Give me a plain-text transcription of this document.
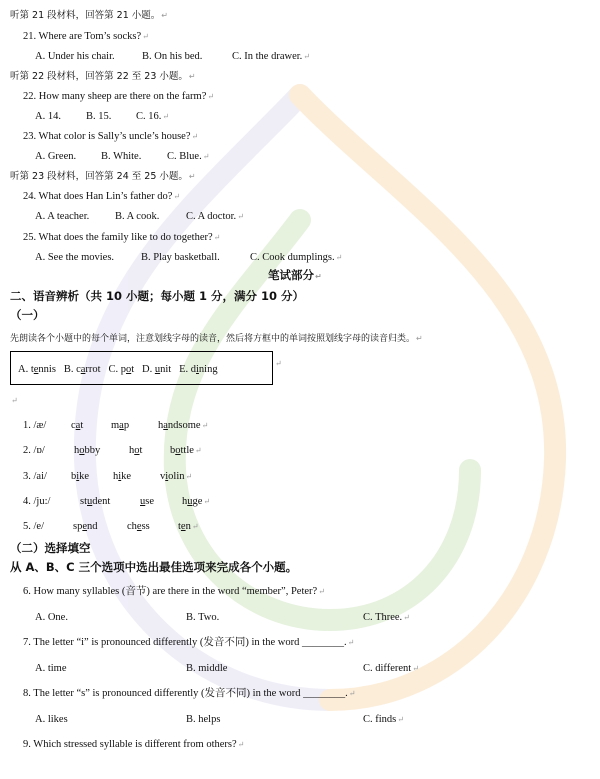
听第 21 段材料，回答第 21 小题。↵
21. Where are Tom’s socks?↵
A. Under his chair.	B. On his bed.	C. In the drawer.↵
听第 22 段材料，回答第 22 至 23 小题。↵
22. How many sheep are there on the farm?↵
A. 14. B. 15. C. 16.↵
23. What color is Sally’s uncle’s house?↵
A. Green. B. White. C. Blue.↵
听第 23 段材料，回答第 24 至 25 小题。↵
24. What does Han Lin’s father do?↵
A. A teacher. B. A cook.	C. A doctor.↵
25. What does the family like to do together?↵
A. See the movies.	B. Play basketball.	C. Cook dumplings.↵
笔试部分↵
二、语音辨析（共 10 小题；每小题 1 分，满分 10 分）
（一）
先朗读各个小题中的每个单词，注意划线字母的读音，然后将方框中的单词按照划线字母的读音归类。↵
A. tennis B. carrot C. pot D. unit E. dining
↵
↵
1. /æ/ cat	map	handsome↵
2. /ɒ/	hobby	hot	bottle↵
3. /ai/ bike hike	violin↵
4. /ju:/	student	use	huge↵
5. /e/	spend	chess	ten↵
（二）选择填空
从 A、B、C 三个选项中选出最佳选项来完成各个小题。
6. How many syllables (音节) are there in the word “member”, Peter?↵
A. One.	B. Two.	C. Three.↵
7. The letter “i” is pronounced differently (发音不同) in the word ________.↵
A. time	B. middle	C. different↵
8. The letter “s” is pronounced differently (发音不同) in the word ________.↵
A. likes	B. helps	C. finds↵
9. Which stressed syllable is different from others?↵
